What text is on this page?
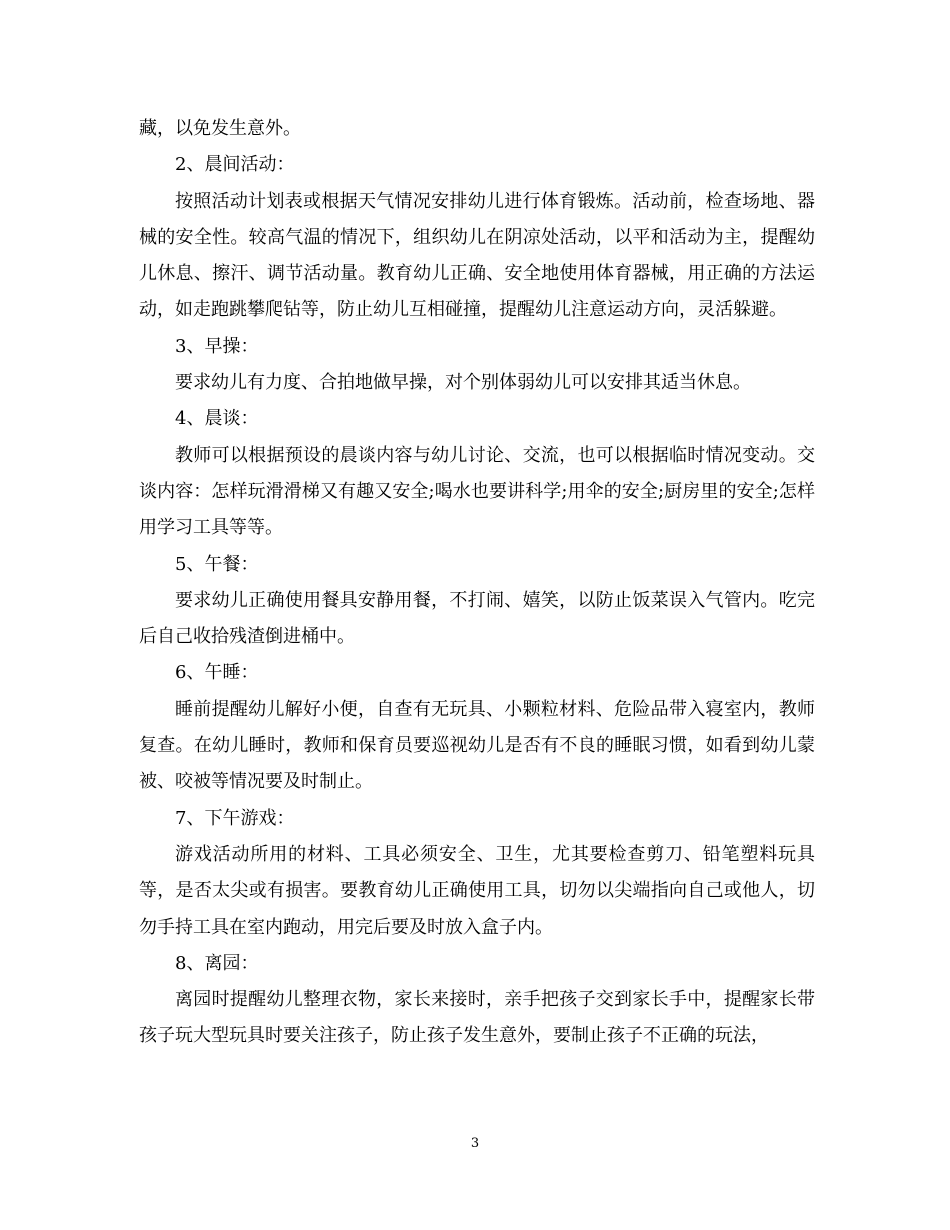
藏，以免发生意外。

2、晨间活动：

按照活动计划表或根据天气情况安排幼儿进行体育锻炼。活动前，检查场地、器械的安全性。较高气温的情况下，组织幼儿在阴凉处活动，以平和活动为主，提醒幼儿休息、擦汗、调节活动量。教育幼儿正确、安全地使用体育器械，用正确的方法运动，如走跑跳攀爬钻等，防止幼儿互相碰撞，提醒幼儿注意运动方向，灵活躲避。

3、早操：

要求幼儿有力度、合拍地做早操，对个别体弱幼儿可以安排其适当休息。

4、晨谈：

教师可以根据预设的晨谈内容与幼儿讨论、交流，也可以根据临时情况变动。交谈内容：怎样玩滑滑梯又有趣又安全;喝水也要讲科学;用伞的安全;厨房里的安全;怎样用学习工具等等。

5、午餐：

要求幼儿正确使用餐具安静用餐，不打闹、嬉笑，以防止饭菜误入气管内。吃完后自己收拾残渣倒进桶中。

6、午睡：

睡前提醒幼儿解好小便，自查有无玩具、小颗粒材料、危险品带入寝室内，教师复查。在幼儿睡时，教师和保育员要巡视幼儿是否有不良的睡眠习惯，如看到幼儿蒙被、咬被等情况要及时制止。

7、下午游戏：

游戏活动所用的材料、工具必须安全、卫生，尤其要检查剪刀、铅笔塑料玩具等，是否太尖或有损害。要教育幼儿正确使用工具，切勿以尖端指向自己或他人，切勿手持工具在室内跑动，用完后要及时放入盒子内。

8、离园：

离园时提醒幼儿整理衣物，家长来接时，亲手把孩子交到家长手中，提醒家长带孩子玩大型玩具时要关注孩子，防止孩子发生意外，要制止孩子不正确的玩法，

3
